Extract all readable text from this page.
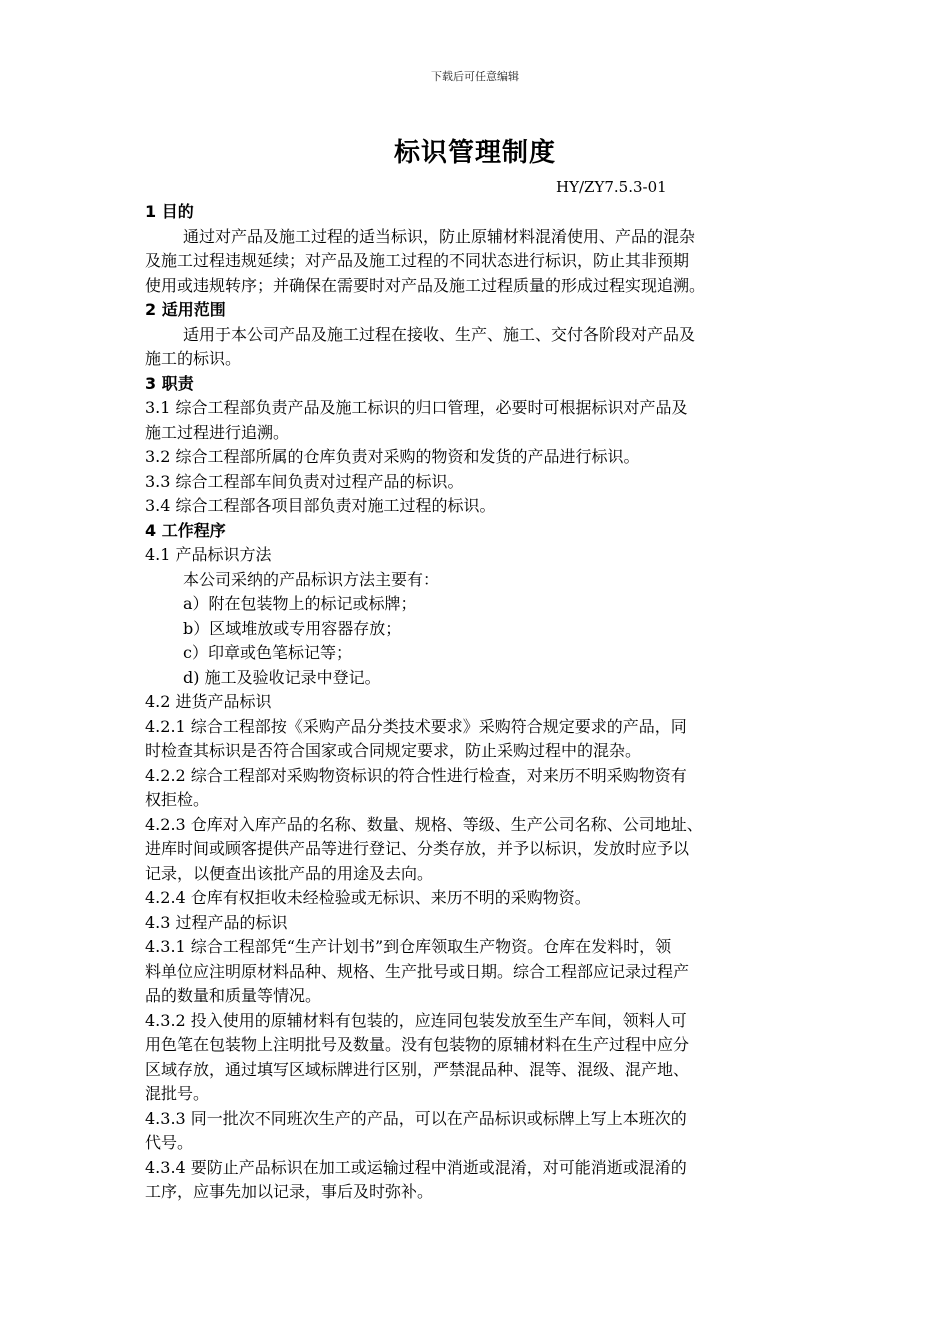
下载后可任意编辑
标识管理制度
HY/ZY7.5.3-01
1 目的
通过对产品及施工过程的适当标识，防止原辅材料混淆使用、产品的混杂
及施工过程违规延续；对产品及施工过程的不同状态进行标识，防止其非预期
使用或违规转序；并确保在需要时对产品及施工过程质量的形成过程实现追溯。
2 适用范围
适用于本公司产品及施工过程在接收、生产、施工、交付各阶段对产品及
施工的标识。
3 职责
3.1 综合工程部负责产品及施工标识的归口管理，必要时可根据标识对产品及
施工过程进行追溯。
3.2 综合工程部所属的仓库负责对采购的物资和发货的产品进行标识。
3.3 综合工程部车间负责对过程产品的标识。
3.4 综合工程部各项目部负责对施工过程的标识。
4 工作程序
4.1 产品标识方法
本公司采纳的产品标识方法主要有：
a）附在包装物上的标记或标牌；
b）区域堆放或专用容器存放；
c）印章或色笔标记等；
d) 施工及验收记录中登记。
4.2 进货产品标识
4.2.1 综合工程部按《采购产品分类技术要求》采购符合规定要求的产品，同
时检查其标识是否符合国家或合同规定要求，防止采购过程中的混杂。
4.2.2 综合工程部对采购物资标识的符合性进行检查，对来历不明采购物资有
权拒检。
4.2.3 仓库对入库产品的名称、数量、规格、等级、生产公司名称、公司地址、
进库时间或顾客提供产品等进行登记、分类存放，并予以标识，发放时应予以
记录，以便查出该批产品的用途及去向。
4.2.4 仓库有权拒收未经检验或无标识、来历不明的采购物资。
4.3 过程产品的标识
4.3.1 综合工程部凭“生产计划书”到仓库领取生产物资。仓库在发料时，领
料单位应注明原材料品种、规格、生产批号或日期。综合工程部应记录过程产
品的数量和质量等情况。
4.3.2 投入使用的原辅材料有包装的，应连同包装发放至生产车间，领料人可
用色笔在包装物上注明批号及数量。没有包装物的原辅材料在生产过程中应分
区域存放，通过填写区域标牌进行区别，严禁混品种、混等、混级、混产地、
混批号。
4.3.3 同一批次不同班次生产的产品，可以在产品标识或标牌上写上本班次的
代号。
4.3.4 要防止产品标识在加工或运输过程中消逝或混淆，对可能消逝或混淆的
工序，应事先加以记录，事后及时弥补。
